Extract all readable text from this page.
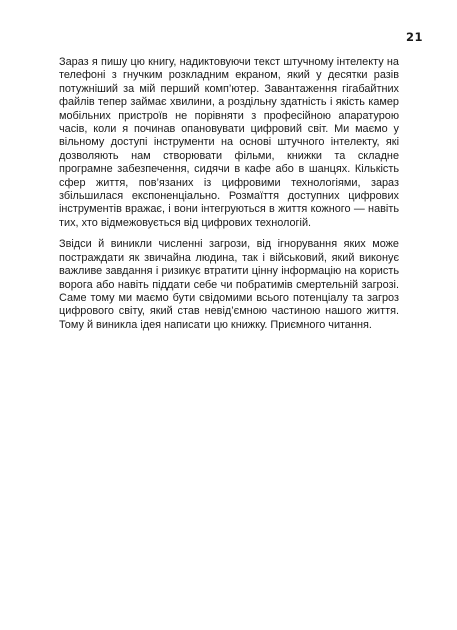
21

Зараз я пишу цю книгу, надиктовуючи текст штучному інтелекту на телефоні з гнучким розкладним екраном, який у десятки разів потужніший за мій перший комп’ютер. Завантаження гігабайтних файлів тепер займає хвилини, а роздільну здатність і якість камер мобільних пристроїв не порівняти з професійною апаратурою часів, коли я починав опановувати цифровий світ. Ми маємо у вільному доступі інструменти на основі штучного інтелекту, які дозволяють нам створювати фільми, книжки та складне програмне забезпечення, сидячи в кафе або в шанцях. Кількість сфер життя, пов’язаних із цифровими технологіями, зараз збільшилася експоненціально. Розмаїття доступних цифрових інструментів вражає, і вони інтегруються в життя кожного — навіть тих, хто відмежовується від цифрових технологій.

Звідси й виникли численні загрози, від ігнорування яких може постраждати як звичайна людина, так і військовий, який виконує важливе завдання і ризикує втратити цінну інформацію на користь ворога або навіть піддати себе чи побратимів смертельній загрозі. Саме тому ми маємо бути свідомими всього потенціалу та загроз цифрового світу, який став невід’ємною частиною нашого життя. Тому й виникла ідея написати цю книжку. Приємного читання.
